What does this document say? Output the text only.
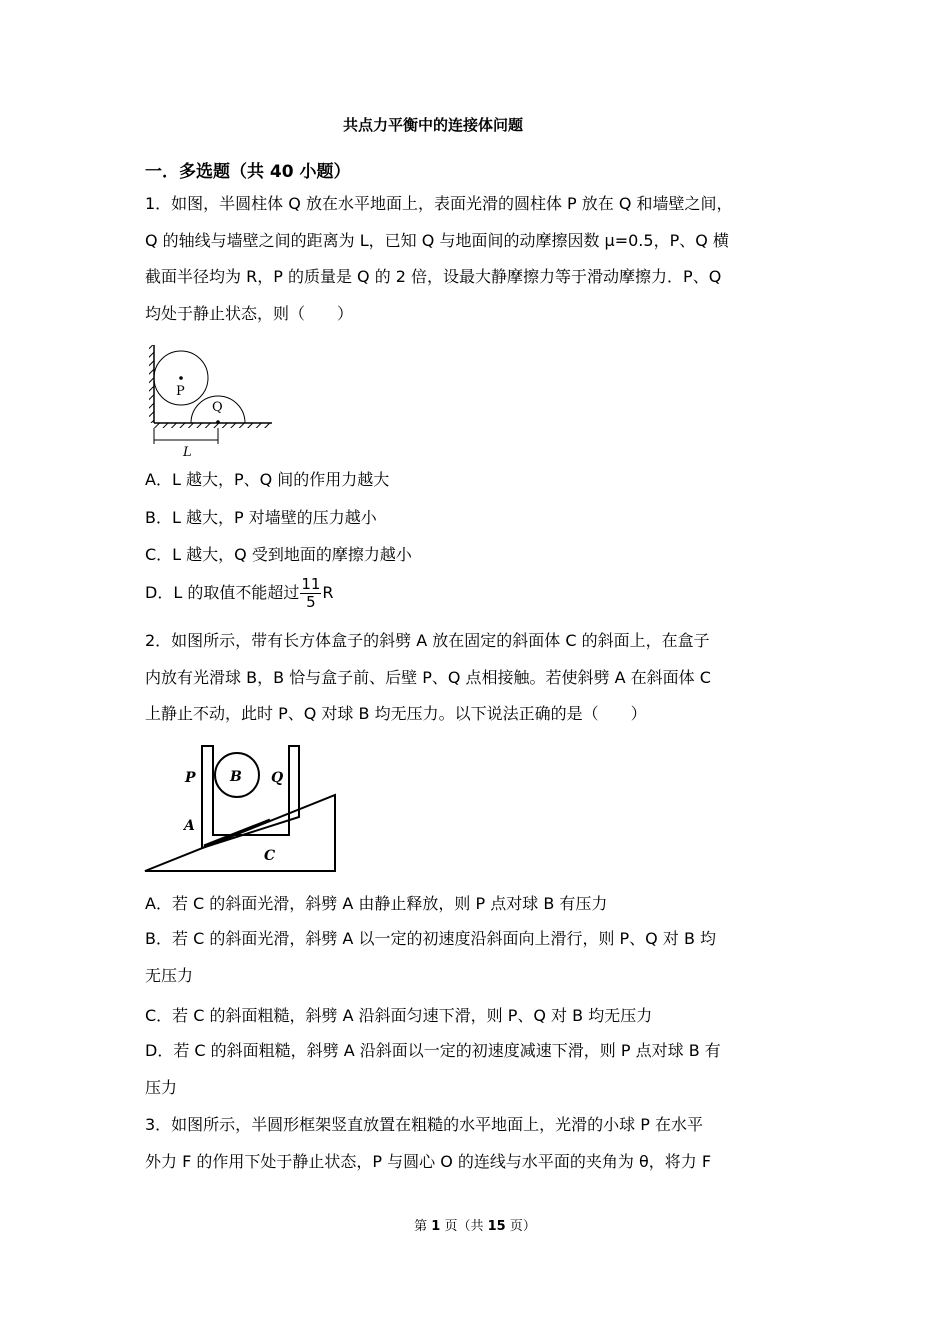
共点力平衡中的连接体问题
一．多选题（共 40 小题）
1．如图，半圆柱体 Q 放在水平地面上，表面光滑的圆柱体 P 放在 Q 和墙壁之间，
Q 的轴线与墙壁之间的距离为 L，已知 Q 与地面间的动摩擦因数 μ=0.5，P、Q 横
截面半径均为 R，P 的质量是 Q 的 2 倍，设最大静摩擦力等于滑动摩擦力．P、Q
均处于静止状态，则（　　）
P
Q
L
A．L 越大，P、Q 间的作用力越大
B．L 越大，P 对墙壁的压力越小
C．L 越大，Q 受到地面的摩擦力越小
D．L 的取值不能超过 $\frac{11}{5}$ R
2．如图所示，带有长方体盒子的斜劈 A 放在固定的斜面体 C 的斜面上，在盒子
内放有光滑球 B，B 恰与盒子前、后壁 P、Q 点相接触。若使斜劈 A 在斜面体 C
上静止不动，此时 P、Q 对球 B 均无压力。以下说法正确的是（　　）
P B Q
A
C
A．若 C 的斜面光滑，斜劈 A 由静止释放，则 P 点对球 B 有压力
B．若 C 的斜面光滑，斜劈 A 以一定的初速度沿斜面向上滑行，则 P、Q 对 B 均
无压力
C．若 C 的斜面粗糙，斜劈 A 沿斜面匀速下滑，则 P、Q 对 B 均无压力
D．若 C 的斜面粗糙，斜劈 A 沿斜面以一定的初速度减速下滑，则 P 点对球 B 有
压力
3．如图所示，半圆形框架竖直放置在粗糙的水平地面上，光滑的小球 P 在水平
外力 F 的作用下处于静止状态，P 与圆心 O 的连线与水平面的夹角为 θ，将力 F
第 1 页（共 15 页）
